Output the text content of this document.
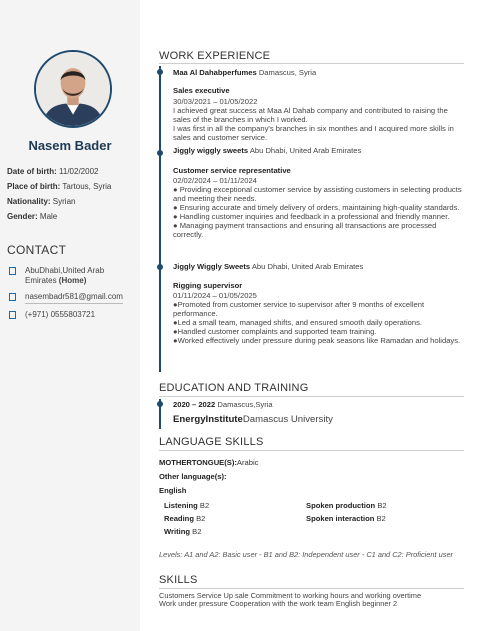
Nasem Bader
Date of birth: 11/02/2002
Place of birth: Tartous, Syria
Nationality: Syrian
Gender: Male
CONTACT
AbuDhabi,United Arab Emirates (Home)
nasembadr581@gmail.com
(+971) 0555803721
WORK EXPERIENCE
Maa Al Dahabperfumes Damascus, Syria
Sales executive
30/03/2021 – 01/05/2022
I achieved great success at Maa Al Dahab company and contributed to raising the sales of the branches in which I worked.
I was first in all the company's branches in six monthes and I acquired more skills in sales and customer service.
Jiggly wiggly sweets Abu Dhabi, United Arab Emirates
Customer service representative
02/02/2024 – 01/11/2024
● Providing exceptional customer service by assisting customers in selecting products and meeting their needs.
● Ensuring accurate and timely delivery of orders, maintaining high-quality standards.
● Handling customer inquiries and feedback in a professional and friendly manner.
● Managing payment transactions and ensuring all transactions are processed correctly.
Jiggly Wiggly Sweets Abu Dhabi, United Arab Emirates
Rigging supervisor
01/11/2024 – 01/05/2025
●Promoted from customer service to supervisor after 9 months of excellent performance.
●Led a small team, managed shifts, and ensured smooth daily operations.
●Handled customer complaints and supported team training.
●Worked effectively under pressure during peak seasons like Ramadan and holidays.
EDUCATION AND TRAINING
2020 – 2022 Damascus,Syria
EnergyInstituteDamascus University
LANGUAGE SKILLS
MOTHERTONGUE(S):Arabic
Other language(s):
English
Listening B2
Reading B2
Writing B2
Spoken production B2
Spoken interaction B2
Levels: A1 and A2: Basic user - B1 and B2: Independent user - C1 and C2: Proficient user
SKILLS
Customers Service Up sale Commitment to working hours and working overtime Work under pressure Cooperation with the work team English beginner 2
